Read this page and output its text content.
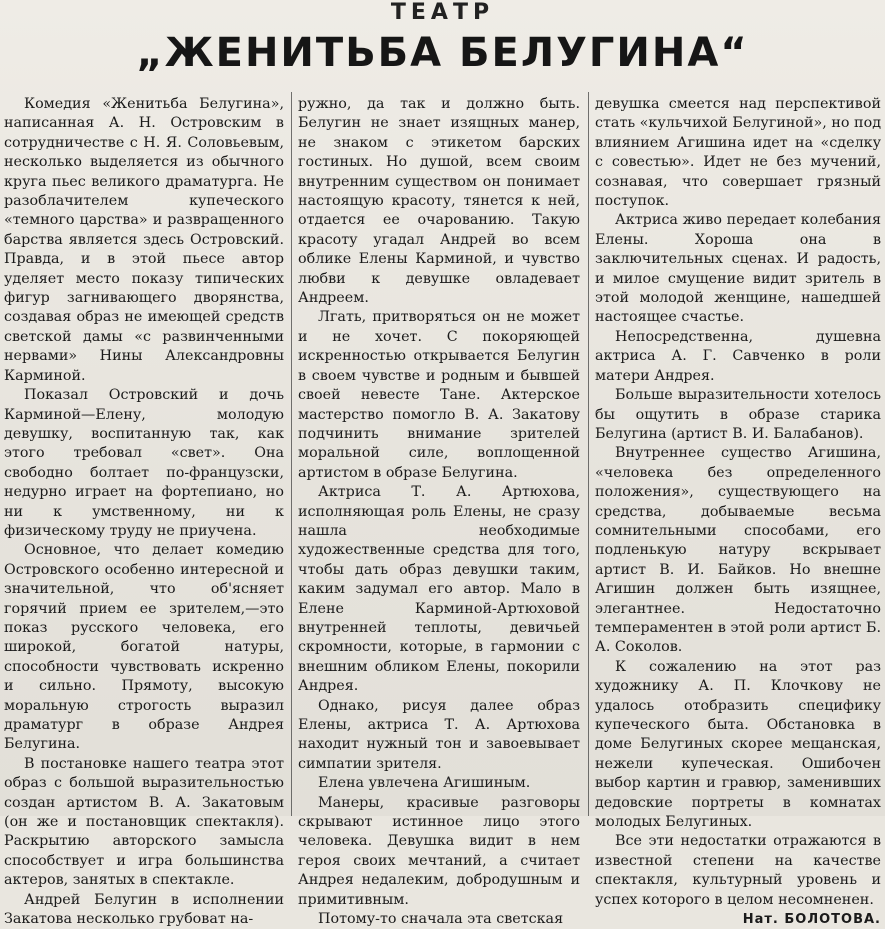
ТЕАТР
„ЖЕНИТЬБА БЕЛУГИНА“

Комедия «Женитьба Белугина», написанная А. Н. Островским в сотрудничестве с Н. Я. Соловьевым, несколько выделяется из обычного круга пьес великого драматурга. Не разоблачителем купеческого «темного царства» и развращенного барства является здесь Островский. Правда, и в этой пьесе автор уделяет место показу типических фигур загнивающего дворянства, создавая образ не имеющей средств светской дамы «с развинченными нервами» Нины Александровны Карминой.

Показал Островский и дочь Карминой—Елену, молодую девушку, воспитанную так, как этого требовал «свет». Она свободно болтает по-французски, недурно играет на фортепиано, но ни к умственному, ни к физическому труду не приучена.

Основное, что делает комедию Островского особенно интересной и значительной, что об'ясняет горячий прием ее зрителем,—это показ русского человека, его широкой, богатой натуры, способности чувствовать искренно и сильно. Прямоту, высокую моральную строгость выразил драматург в образе Андрея Белугина.

В постановке нашего театра этот образ с большой выразительностью создан артистом В. А. Закатовым (он же и постановщик спектакля). Раскрытию авторского замысла способствует и игра большинства актеров, занятых в спектакле.

Андрей Белугин в исполнении Закатова несколько грубоват на-

ружно, да так и должно быть. Белугин не знает изящных манер, не знаком с этикетом барских гостиных. Но душой, всем своим внутренним существом он понимает настоящую красоту, тянется к ней, отдается ее очарованию. Такую красоту угадал Андрей во всем облике Елены Карминой, и чувство любви к девушке овладевает Андреем.

Лгать, притворяться он не может и не хочет. С покоряющей искренностью открывается Белугин в своем чувстве и родным и бывшей своей невесте Тане. Актерское мастерство помогло В. А. Закатову подчинить внимание зрителей моральной силе, воплощенной артистом в образе Белугина.

Актриса Т. А. Артюхова, исполняющая роль Елены, не сразу нашла необходимые художественные средства для того, чтобы дать образ девушки таким, каким задумал его автор. Мало в Елене Карминой-Артюховой внутренней теплоты, девичьей скромности, которые, в гармонии с внешним обликом Елены, покорили Андрея.

Однако, рисуя далее образ Елены, актриса Т. А. Артюхова находит нужный тон и завоевывает симпатии зрителя.

Елена увлечена Агишиным.

Манеры, красивые разговоры скрывают истинное лицо этого человека. Девушка видит в нем героя своих мечтаний, а считает Андрея недалеким, добродушным и примитивным.

Потому-то сначала эта светская

девушка смеется над перспективой стать «кульчихой Белугиной», но под влиянием Агишина идет на «сделку с совестью». Идет не без мучений, сознавая, что совершает грязный поступок.

Актриса живо передает колебания Елены. Хороша она в заключительных сценах. И радость, и милое смущение видит зритель в этой молодой женщине, нашедшей настоящее счастье.

Непосредственна, душевна актриса А. Г. Савченко в роли матери Андрея.

Больше выразительности хотелось бы ощутить в образе старика Белугина (артист В. И. Балабанов).

Внутреннее существо Агишина, «человека без определенного положения», существующего на средства, добываемые весьма сомнительными способами, его подленькую натуру вскрывает артист В. И. Байков. Но внешне Агишин должен быть изящнее, элегантнее. Недостаточно темпераментен в этой роли артист Б. А. Соколов.

К сожалению на этот раз художнику А. П. Клочкову не удалось отобразить специфику купеческого быта. Обстановка в доме Белугиных скорее мещанская, нежели купеческая. Ошибочен выбор картин и гравюр, заменивших дедовские портреты в комнатах молодых Белугиных.

Все эти недостатки отражаются в известной степени на качестве спектакля, культурный уровень и успех которого в целом несомненен.

Нат. БОЛОТОВА.
